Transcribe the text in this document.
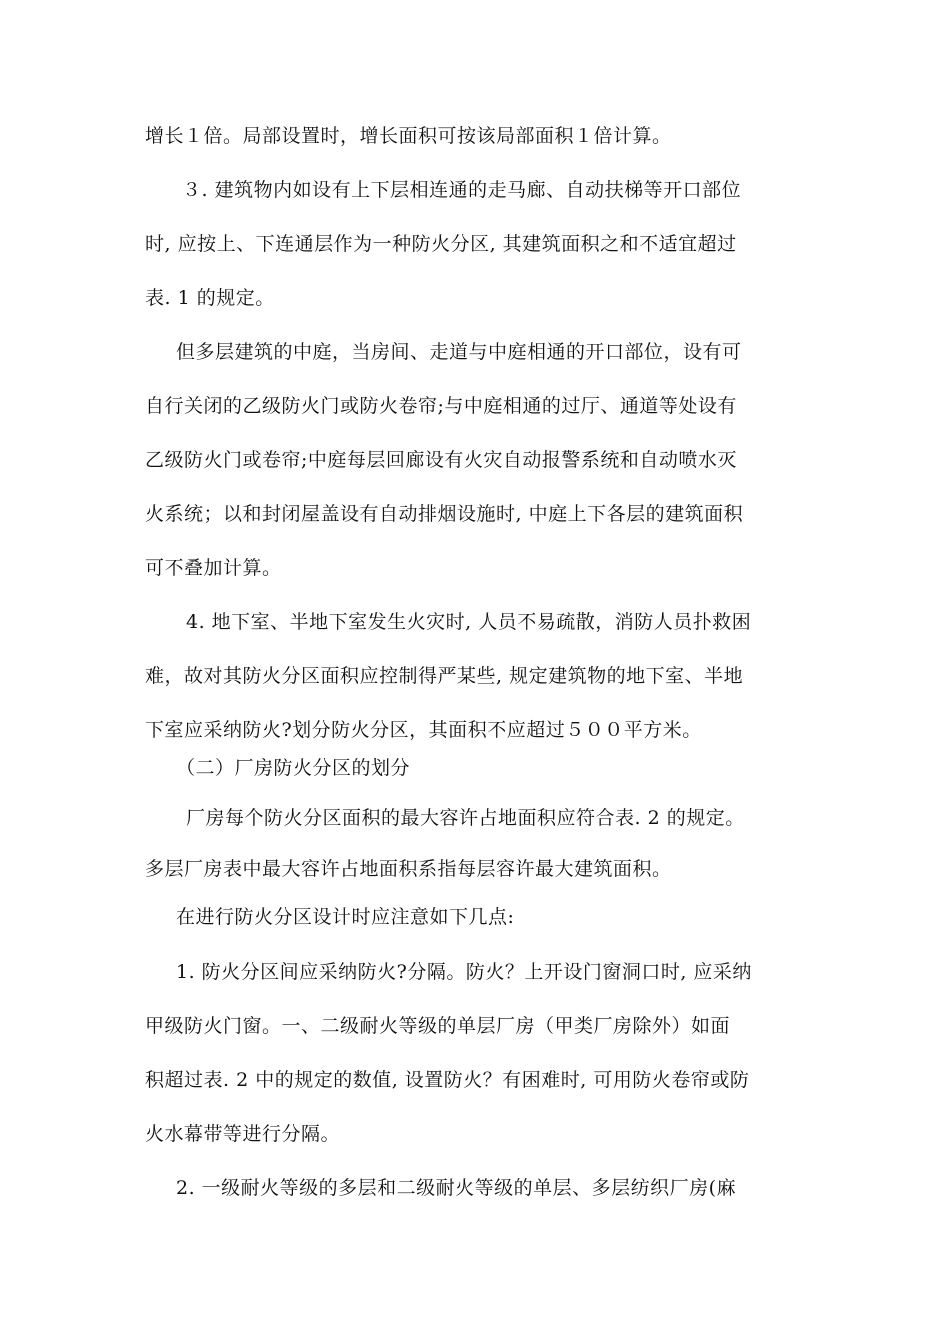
增长１倍。局部设置时，增长面积可按该局部面积１倍计算。
３. 建筑物内如设有上下层相连通的走马廊、自动扶梯等开口部位
时, 应按上、下连通层作为一种防火分区, 其建筑面积之和不适宜超过
表. 1 的规定。
但多层建筑的中庭，当房间、走道与中庭相通的开口部位，设有可
自行关闭的乙级防火门或防火卷帘;与中庭相通的过厅、通道等处设有
乙级防火门或卷帘;中庭每层回廊设有火灾自动报警系统和自动喷水灭
火系统；以和封闭屋盖设有自动排烟设施时, 中庭上下各层的建筑面积
可不叠加计算。
4. 地下室、半地下室发生火灾时, 人员不易疏散，消防人员扑救困
难，故对其防火分区面积应控制得严某些, 规定建筑物的地下室、半地
下室应采纳防火?划分防火分区，其面积不应超过５００平方米。
（二）厂房防火分区的划分
厂房每个防火分区面积的最大容许占地面积应符合表. 2 的规定。
多层厂房表中最大容许占地面积系指每层容许最大建筑面积。
在进行防火分区设计时应注意如下几点:
1. 防火分区间应采纳防火?分隔。防火？上开设门窗洞口时, 应采纳
甲级防火门窗。一、二级耐火等级的单层厂房（甲类厂房除外）如面
积超过表. 2 中的规定的数值, 设置防火？有困难时, 可用防火卷帘或防
火水幕带等进行分隔。
2. 一级耐火等级的多层和二级耐火等级的单层、多层纺织厂房(麻
